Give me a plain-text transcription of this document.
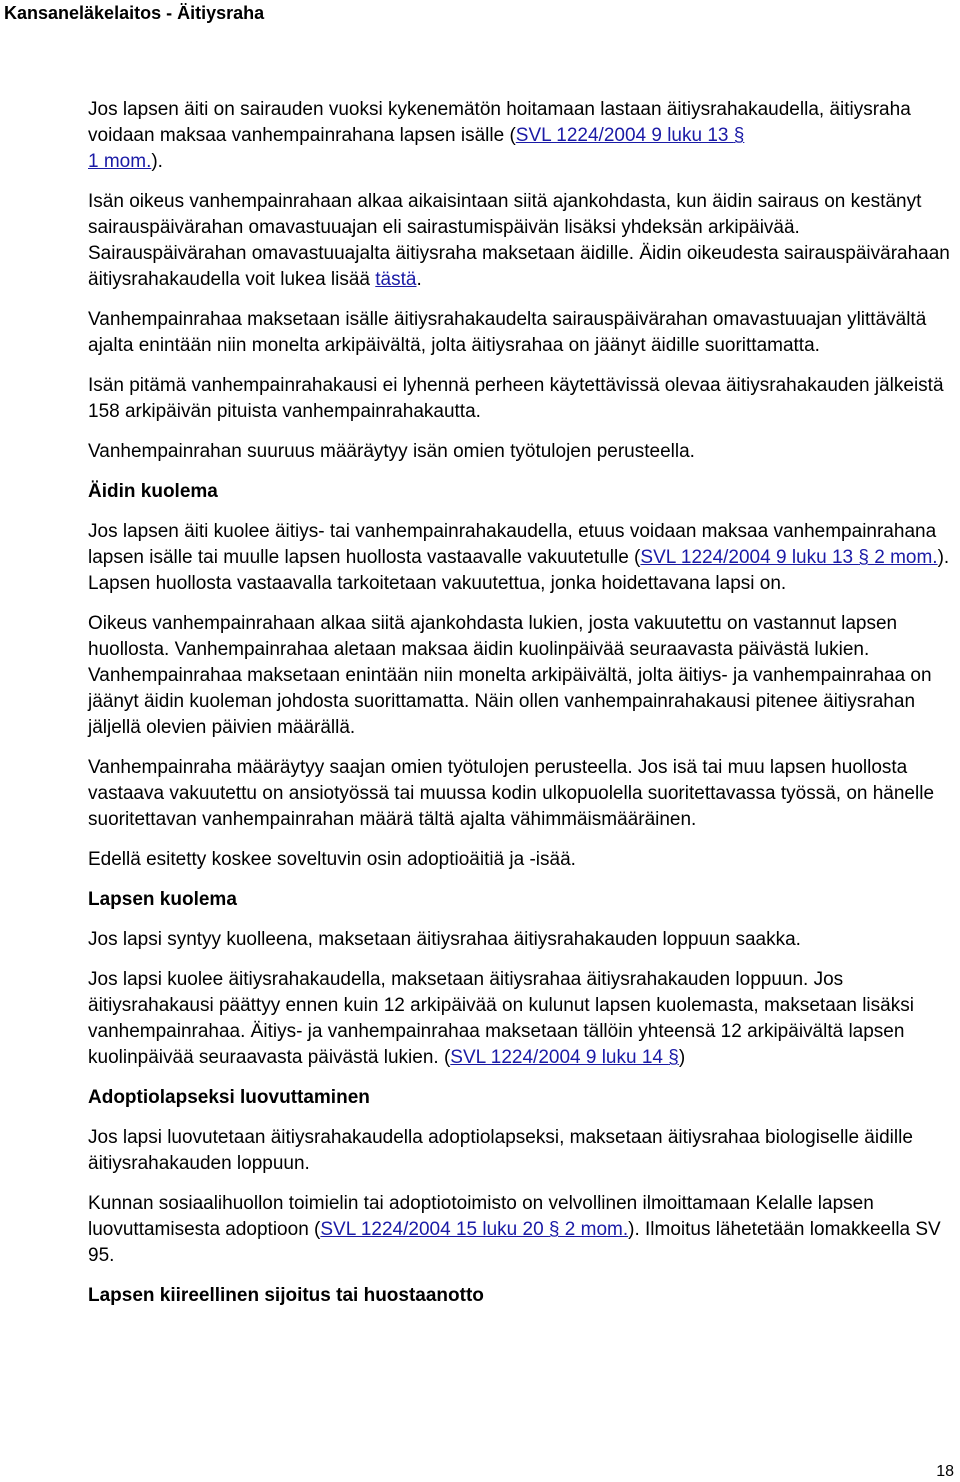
Kansaneläkelaitos - Äitiysraha

Jos lapsen äiti on sairauden vuoksi kykenemätön hoitamaan lastaan äitiysrahakaudella, äitiysraha voidaan maksaa vanhempainrahana lapsen isälle (SVL 1224/2004 9 luku 13 §
1 mom.).

Isän oikeus vanhempainrahaan alkaa aikaisintaan siitä ajankohdasta, kun äidin sairaus on kestänyt sairauspäivärahan omavastuuajan eli sairastumispäivän lisäksi yhdeksän arkipäivää. Sairauspäivärahan omavastuuajalta äitiysraha maksetaan äidille. Äidin oikeudesta sairauspäivärahaan äitiysrahakaudella voit lukea lisää tästä.

Vanhempainrahaa maksetaan isälle äitiysrahakaudelta sairauspäivärahan omavastuuajan ylittävältä ajalta enintään niin monelta arkipäivältä, jolta äitiysrahaa on jäänyt äidille suorittamatta.

Isän pitämä vanhempainrahakausi ei lyhennä perheen käytettävissä olevaa äitiysrahakauden jälkeistä 158 arkipäivän pituista vanhempainrahakautta.

Vanhempainrahan suuruus määräytyy isän omien työtulojen perusteella.

Äidin kuolema

Jos lapsen äiti kuolee äitiys- tai vanhempainrahakaudella, etuus voidaan maksaa vanhempainrahana lapsen isälle tai muulle lapsen huollosta vastaavalle vakuutetulle (SVL 1224/2004 9 luku 13 § 2 mom.). Lapsen huollosta vastaavalla tarkoitetaan vakuutettua, jonka hoidettavana lapsi on.

Oikeus vanhempainrahaan alkaa siitä ajankohdasta lukien, josta vakuutettu on vastannut lapsen huollosta. Vanhempainrahaa aletaan maksaa äidin kuolinpäivää seuraavasta päivästä lukien. Vanhempainrahaa maksetaan enintään niin monelta arkipäivältä, jolta äitiys- ja vanhempainrahaa on jäänyt äidin kuoleman johdosta suorittamatta. Näin ollen vanhempainrahakausi pitenee äitiysrahan jäljellä olevien päivien määrällä.

Vanhempainraha määräytyy saajan omien työtulojen perusteella. Jos isä tai muu lapsen huollosta vastaava vakuutettu on ansiotyössä tai muussa kodin ulkopuolella suoritettavassa työssä, on hänelle suoritettavan vanhempainrahan määrä tältä ajalta vähimmäismääräinen.

Edellä esitetty koskee soveltuvin osin adoptioäitiä ja -isää.

Lapsen kuolema

Jos lapsi syntyy kuolleena, maksetaan äitiysrahaa äitiysrahakauden loppuun saakka.

Jos lapsi kuolee äitiysrahakaudella, maksetaan äitiysrahaa äitiysrahakauden loppuun. Jos äitiysrahakausi päättyy ennen kuin 12 arkipäivää on kulunut lapsen kuolemasta, maksetaan lisäksi vanhempainrahaa. Äitiys- ja vanhempainrahaa maksetaan tällöin yhteensä 12 arkipäivältä lapsen kuolinpäivää seuraavasta päivästä lukien. (SVL 1224/2004 9 luku 14 §)

Adoptiolapseksi luovuttaminen

Jos lapsi luovutetaan äitiysrahakaudella adoptiolapseksi, maksetaan äitiysrahaa biologiselle äidille äitiysrahakauden loppuun.

Kunnan sosiaalihuollon toimielin tai adoptiotoimisto on velvollinen ilmoittamaan Kelalle lapsen luovuttamisesta adoptioon (SVL 1224/2004 15 luku 20 § 2 mom.). Ilmoitus lähetetään lomakkeella SV 95.

Lapsen kiireellinen sijoitus tai huostaanotto
18
